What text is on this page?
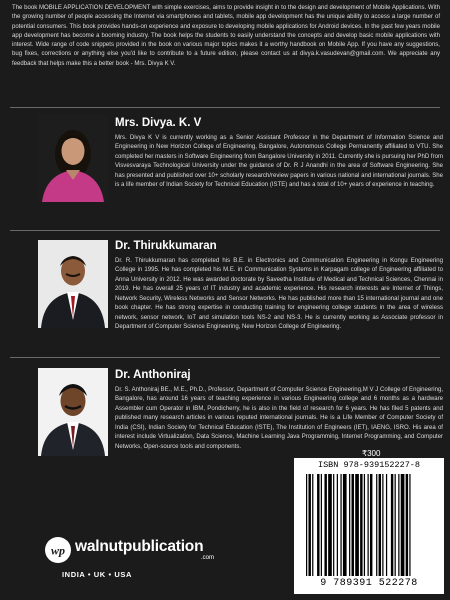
The book MOBILE APPLICATION DEVELOPMENT with simple exercises, aims to provide insight in to the design and development of Mobile Applications. With the growing number of people accessing the Internet via smartphones and tablets, mobile app development has the unique ability to access a large number of potential consumers. This book provides hands-on experience and exposure to developing mobile applications for Android devices. In the past few years mobile app development has become a booming industry. The book helps the students to easily understand the concepts and develop basic mobile applications with interest. Wide range of code snippets provided in the book on various major topics makes it a worthy handbook on Mobile App. If you have any suggestions, bug fixes, corrections or anything else you'd like to contribute to a future edition, please contact us at divya.k.vasudevan@gmail.com. We appreciate any feedback that helps make this a better book - Mrs. Divya K V.
Mrs. Divya. K. V
Mrs. Divya K V is currently working as a Senior Assistant Professor in the Department of Information Science and Engineering in New Horizon College of Engineering, Bangalore, Autonomous College Permanently affiliated to VTU. She completed her masters in Software Engineering from Bangalore University in 2011. Currently she is pursuing her PhD from Visvesvaraya Technological University under the guidance of Dr. R J Anandhi in the area of Software Engineering. She has presented and published over 10+ scholarly research/review papers in various national and international journals. She is a life member of Indian Society for Technical Education (ISTE) and has a total of 10+ years of experience in teaching.
Dr. Thirukkumaran
Dr. R. Thirukkumaran has completed his B.E. in Electronics and Communication Engineering in Kongu Engineering College in 1995. He has completed his M.E. in Communication Systems in Karpagam college of Engineering affiliated to Anna University in 2012. He was awarded doctorate by Saveetha Institute of Medical and Technical Sciences, Chennai in 2019. He has overall 25 years of IT industry and academic experience. His research interests are Internet of Things, Network Security, Wireless Networks and Sensor Networks. He has published more than 15 international journal and one book chapter. He has strong expertise in conducting training for engineering college students in the area of wireless network, sensor network, IoT and simulation tools NS-2 and NS-3. He is currently working as Associate professor in Department of Computer Science Engineering, New Horizon College of Engineering.
Dr. Anthoniraj
Dr. S. Anthoniraj BE., M.E., Ph.D., Professor, Department of Computer Science Engineering,M V J College of Engineering, Bangalore, has around 16 years of teaching experience in various Engineering college and 6 months as a hardware Assembler cum Operator in IBM, Pondicherry, he is also in the field of research for 6 years. He has filed 5 patents and published many research articles in various reputed international journals. He is a Life Member of Computer Society of India (CSI), Indian Society for Technical Education (ISTE), The Institution of Engineers (IET), IAENG, ISRO. His area of interest include Virtualization, Data Science, Machine Learning Java Programming, Internet Programming, and Computer Networks, Open-source tools and components.
₹300
ISBN 978-939152227-8
9 789391 522278
wp walnutpublication
.com
INDIA • UK • USA
